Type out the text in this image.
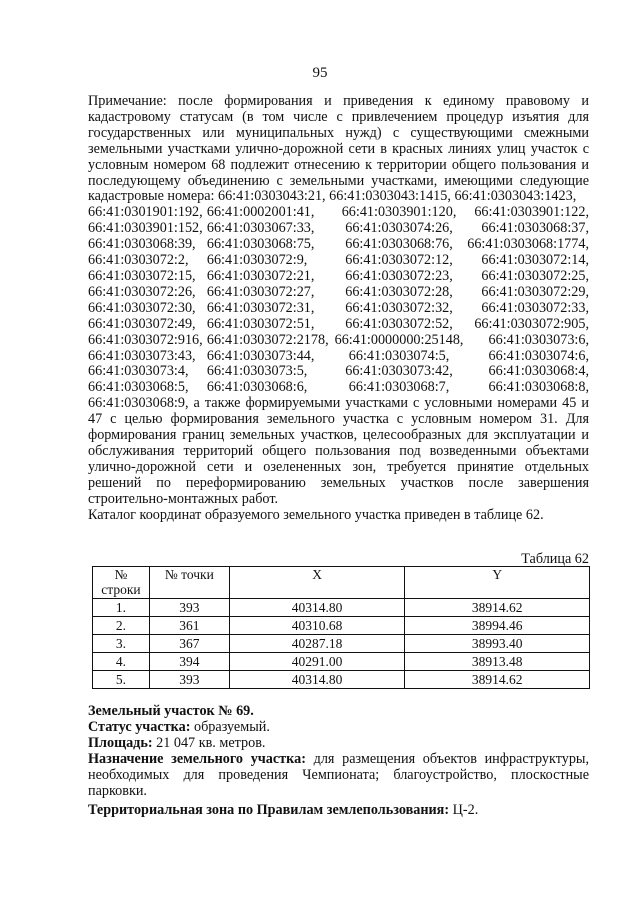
95

Примечание: после формирования и приведения к единому правовому и кадастровому статусам (в том числе с привлечением процедур изъятия для государственных или муниципальных нужд) с существующими смежными земельными участками улично-дорожной сети в красных линиях улиц участок с условным номером 68 подлежит отнесению к территории общего пользования и последующему объединению с земельными участками, имеющими следующие кадастровые номера: 66:41:0303043:21, 66:41:0303043:1415, 66:41:0303043:1423,

66:41:0301901:192, 66:41:0002001:41,	66:41:0303901:120,	66:41:0303901:122,
66:41:0303901:152, 66:41:0303067:33,	66:41:0303074:26,	66:41:0303068:37,
66:41:0303068:39, 66:41:0303068:75,	66:41:0303068:76,	66:41:0303068:1774,
66:41:0303072:2,	66:41:0303072:9,	66:41:0303072:12,	66:41:0303072:14,
66:41:0303072:15, 66:41:0303072:21,	66:41:0303072:23,	66:41:0303072:25,
66:41:0303072:26, 66:41:0303072:27,	66:41:0303072:28,	66:41:0303072:29,
66:41:0303072:30, 66:41:0303072:31,	66:41:0303072:32,	66:41:0303072:33,
66:41:0303072:49, 66:41:0303072:51,	66:41:0303072:52,	66:41:0303072:905,
66:41:0303072:916, 66:41:0303072:2178, 66:41:0000000:25148,	66:41:0303073:6,
66:41:0303073:43, 66:41:0303073:44,	66:41:0303074:5,	66:41:0303074:6,
66:41:0303073:4,	66:41:0303073:5,	66:41:0303073:42,	66:41:0303068:4,
66:41:0303068:5,	66:41:0303068:6,	66:41:0303068:7,	66:41:0303068:8,

66:41:0303068:9, а также формируемыми участками с условными номерами 45 и 47 с целью формирования земельного участка с условным номером 31. Для формирования границ земельных участков, целесообразных для эксплуатации и обслуживания территорий общего пользования под возведенными объектами улично-дорожной сети и озелененных зон, требуется принятие отдельных решений по переформированию земельных участков после завершения строительно-монтажных работ.

Каталог координат образуемого земельного участка приведен в таблице 62.

Таблица 62
№
строки	№ точки	X	Y
1.	393	40314.80	38914.62
2.	361	40310.68	38994.46
3.	367	40287.18	38993.40
4.	394	40291.00	38913.48
5.	393	40314.80	38914.62

Земельный участок № 69.

Статус участка: образуемый.

Площадь: 21 047 кв. метров.

Назначение земельного участка: для размещения объектов инфраструктуры, необходимых для проведения Чемпионата; благоустройство, плоскостные парковки.

Территориальная зона по Правилам землепользования: Ц-2.
